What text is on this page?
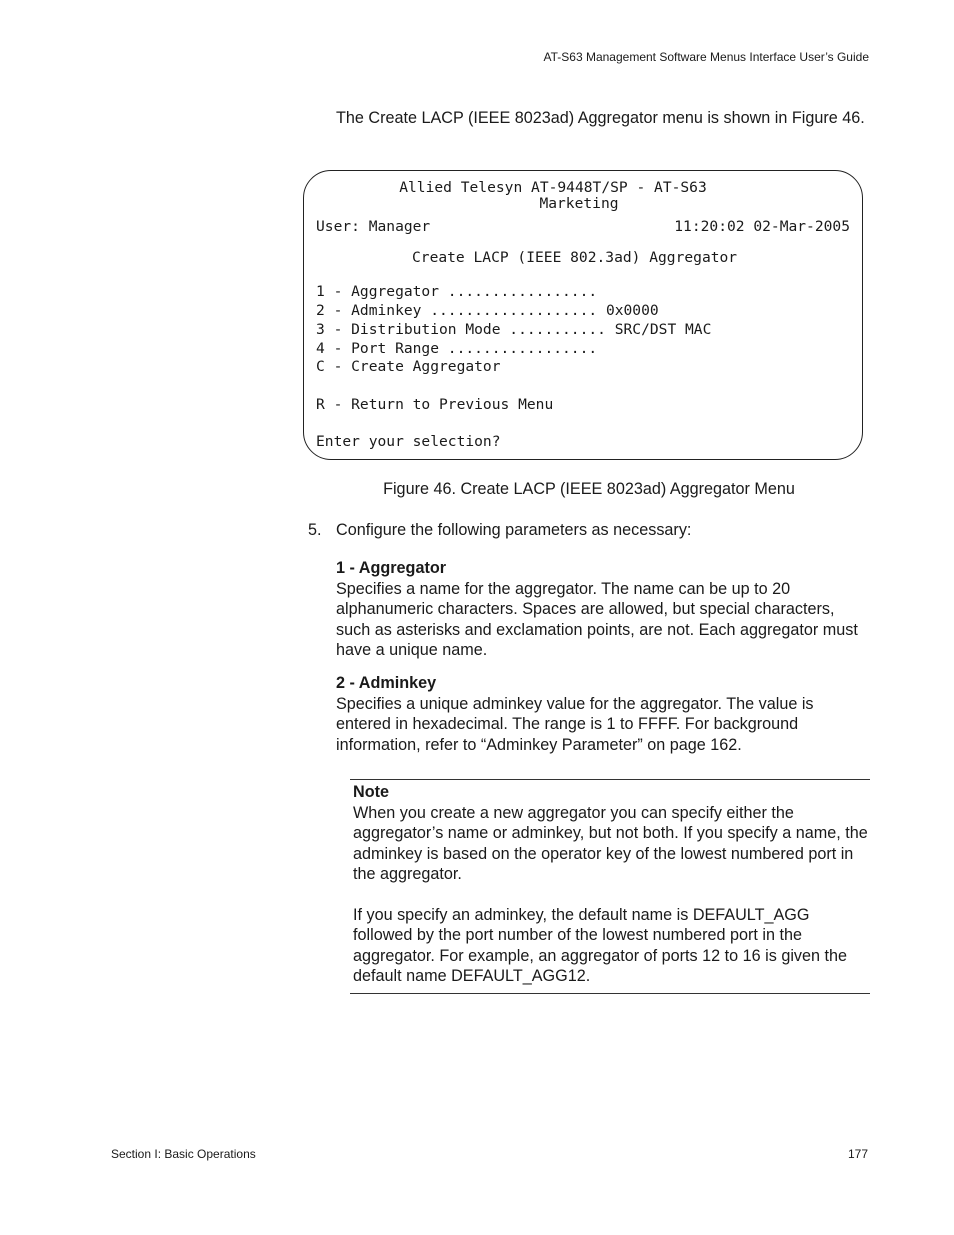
AT-S63 Management Software Menus Interface User’s Guide
The Create LACP (IEEE 8023ad) Aggregator menu is shown in Figure 46.
Allied Telesyn AT-9448T/SP - AT-S63
Marketing
User: Manager	11:20:02 02-Mar-2005
Create LACP (IEEE 802.3ad) Aggregator
1 - Aggregator .................
2 - Adminkey ................... 0x0000
3 - Distribution Mode ........... SRC/DST MAC
4 - Port Range .................
C - Create Aggregator
R - Return to Previous Menu
Enter your selection?
Figure 46. Create LACP (IEEE 8023ad) Aggregator Menu
5. Configure the following parameters as necessary:
1 - Aggregator
Specifies a name for the aggregator. The name can be up to 20 alphanumeric characters. Spaces are allowed, but special characters, such as asterisks and exclamation points, are not. Each aggregator must have a unique name.
2 - Adminkey
Specifies a unique adminkey value for the aggregator. The value is entered in hexadecimal. The range is 1 to FFFF. For background information, refer to “Adminkey Parameter” on page 162.
Note
When you create a new aggregator you can specify either the aggregator’s name or adminkey, but not both. If you specify a name, the adminkey is based on the operator key of the lowest numbered port in the aggregator.
If you specify an adminkey, the default name is DEFAULT_AGG followed by the port number of the lowest numbered port in the aggregator. For example, an aggregator of ports 12 to 16 is given the default name DEFAULT_AGG12.
Section I: Basic Operations	177
